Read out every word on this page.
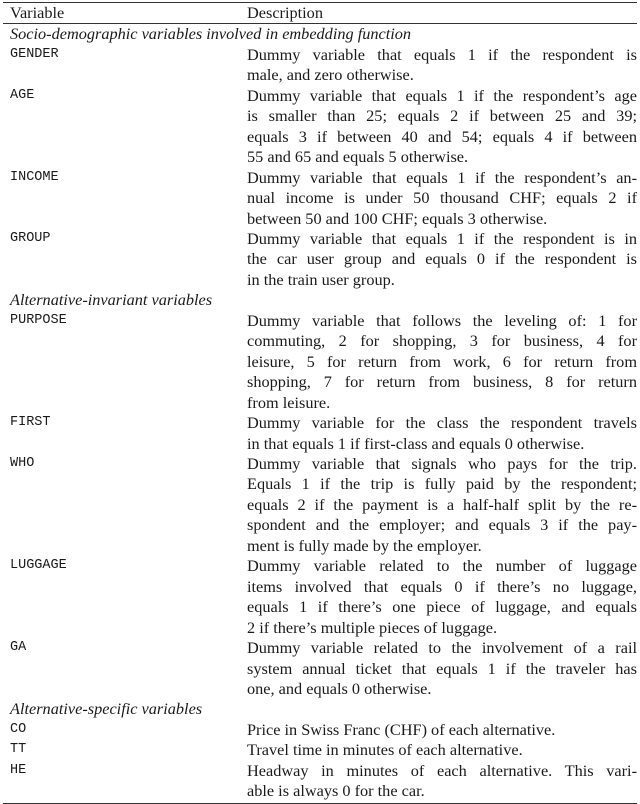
Variable	Description
Socio-demographic variables involved in embedding function
GENDER	Dummy variable that equals 1 if the respondent is
male, and zero otherwise.
AGE	Dummy variable that equals 1 if the respondent’s age
is smaller than 25; equals 2 if between 25 and 39;
equals 3 if between 40 and 54; equals 4 if between
55 and 65 and equals 5 otherwise.
INCOME	Dummy variable that equals 1 if the respondent’s an-
nual income is under 50 thousand CHF; equals 2 if
between 50 and 100 CHF; equals 3 otherwise.
GROUP	Dummy variable that equals 1 if the respondent is in
the car user group and equals 0 if the respondent is
in the train user group.
Alternative-invariant variables
PURPOSE	Dummy variable that follows the leveling of: 1 for
commuting, 2 for shopping, 3 for business, 4 for
leisure, 5 for return from work, 6 for return from
shopping, 7 for return from business, 8 for return
from leisure.
FIRST	Dummy variable for the class the respondent travels
in that equals 1 if first-class and equals 0 otherwise.
WHO	Dummy variable that signals who pays for the trip.
Equals 1 if the trip is fully paid by the respondent;
equals 2 if the payment is a half-half split by the re-
spondent and the employer; and equals 3 if the pay-
ment is fully made by the employer.
LUGGAGE	Dummy variable related to the number of luggage
items involved that equals 0 if there’s no luggage,
equals 1 if there’s one piece of luggage, and equals
2 if there’s multiple pieces of luggage.
GA	Dummy variable related to the involvement of a rail
system annual ticket that equals 1 if the traveler has
one, and equals 0 otherwise.
Alternative-specific variables
CO	Price in Swiss Franc (CHF) of each alternative.
TT	Travel time in minutes of each alternative.
HE	Headway in minutes of each alternative. This vari-
able is always 0 for the car.
